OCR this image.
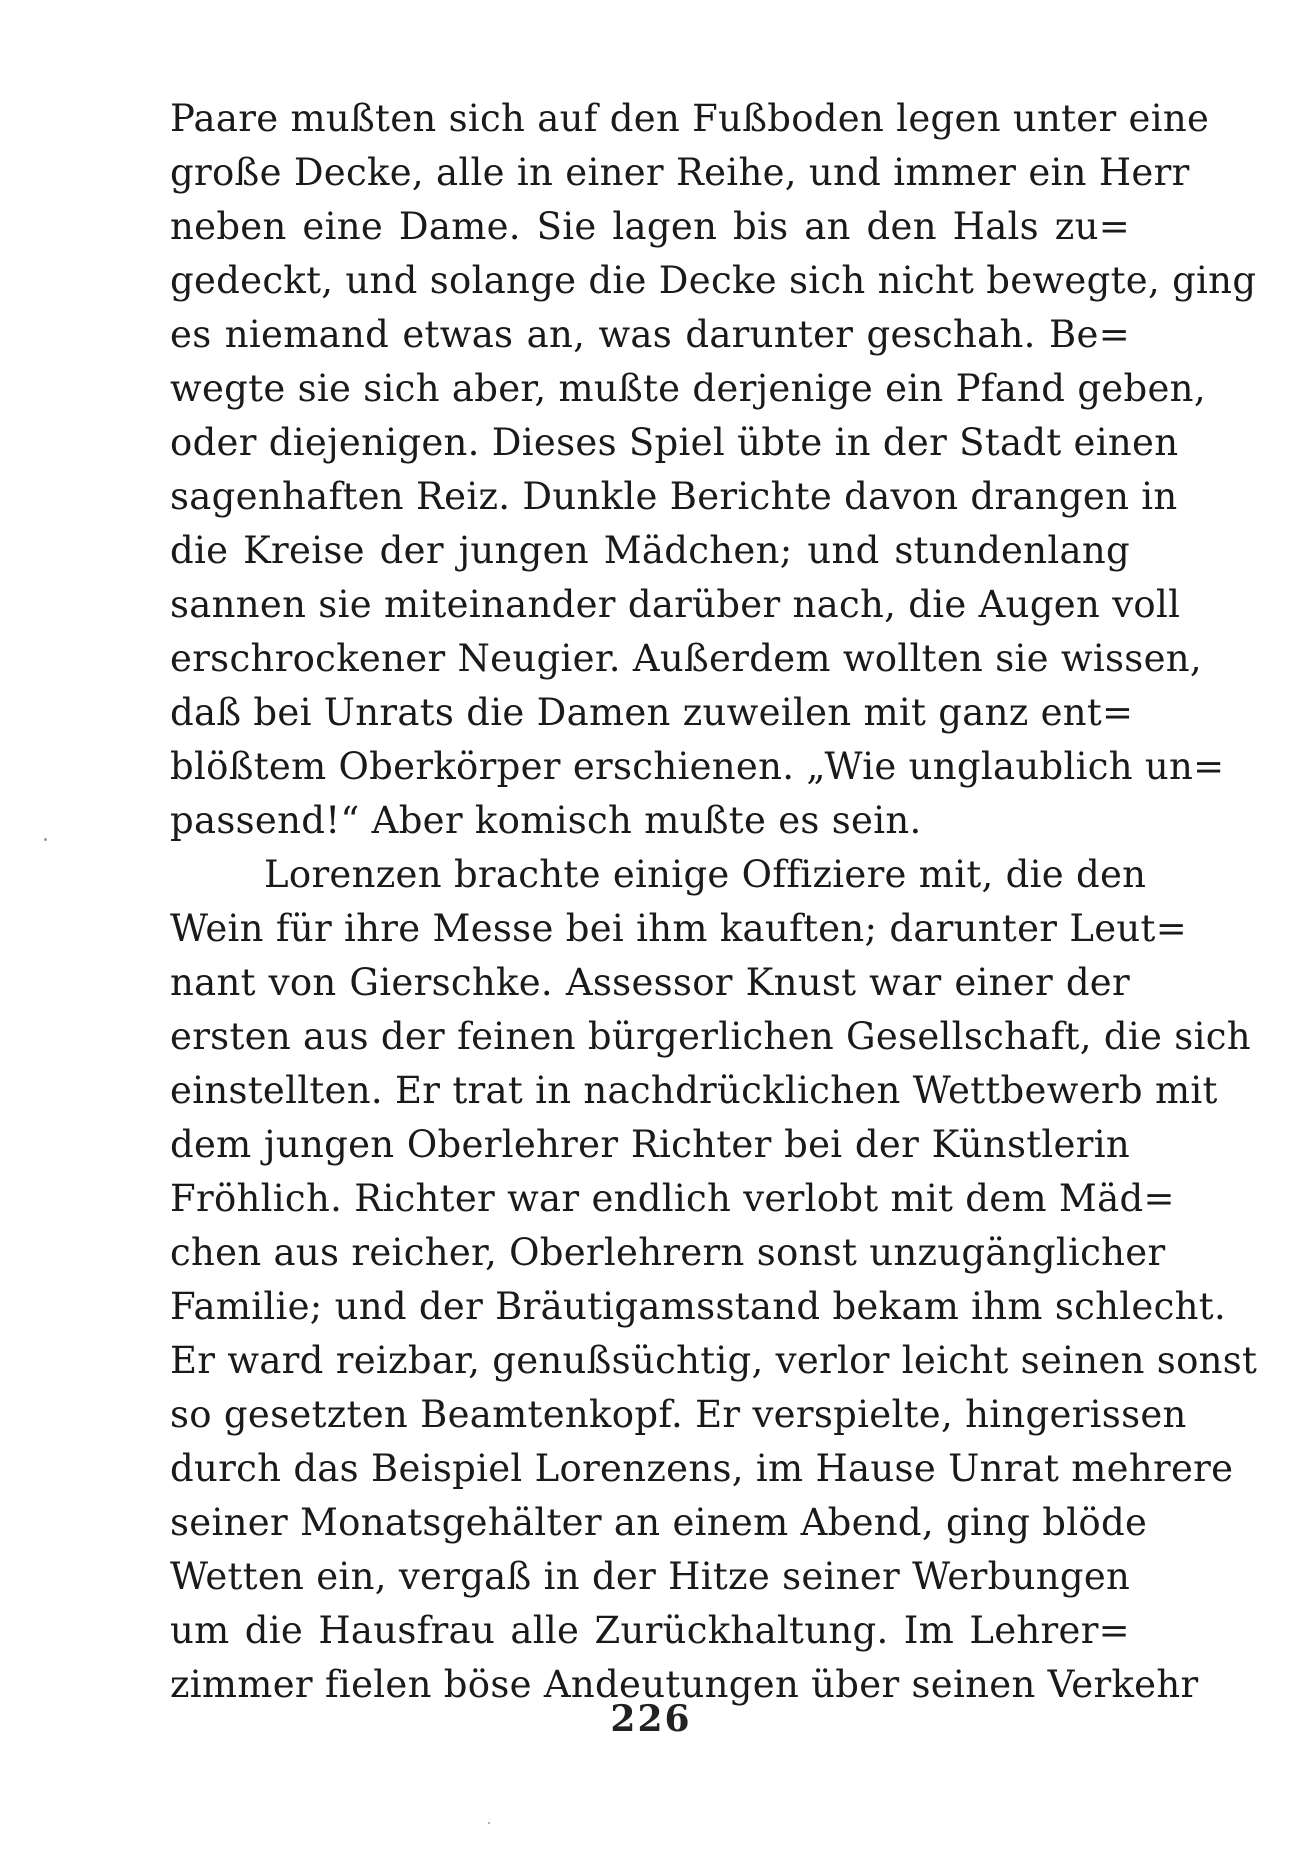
Paare mußten sich auf den Fußboden legen unter eine
große Decke, alle in einer Reihe, und immer ein Herr
neben eine Dame. Sie lagen bis an den Hals zu=
gedeckt, und solange die Decke sich nicht bewegte, ging
es niemand etwas an, was darunter geschah. Be=
wegte sie sich aber, mußte derjenige ein Pfand geben,
oder diejenigen. Dieses Spiel übte in der Stadt einen
sagenhaften Reiz. Dunkle Berichte davon drangen in
die Kreise der jungen Mädchen; und stundenlang
sannen sie miteinander darüber nach, die Augen voll
erschrockener Neugier. Außerdem wollten sie wissen,
daß bei Unrats die Damen zuweilen mit ganz ent=
blößtem Oberkörper erschienen. „Wie unglaublich un=
passend!“ Aber komisch mußte es sein.
Lorenzen brachte einige Offiziere mit, die den
Wein für ihre Messe bei ihm kauften; darunter Leut=
nant von Gierschke. Assessor Knust war einer der
ersten aus der feinen bürgerlichen Gesellschaft, die sich
einstellten. Er trat in nachdrücklichen Wettbewerb mit
dem jungen Oberlehrer Richter bei der Künstlerin
Fröhlich. Richter war endlich verlobt mit dem Mäd=
chen aus reicher, Oberlehrern sonst unzugänglicher
Familie; und der Bräutigamsstand bekam ihm schlecht.
Er ward reizbar, genußsüchtig, verlor leicht seinen sonst
so gesetzten Beamtenkopf. Er verspielte, hingerissen
durch das Beispiel Lorenzens, im Hause Unrat mehrere
seiner Monatsgehälter an einem Abend, ging blöde
Wetten ein, vergaß in der Hitze seiner Werbungen
um die Hausfrau alle Zurückhaltung. Im Lehrer=
zimmer fielen böse Andeutungen über seinen Verkehr
226
